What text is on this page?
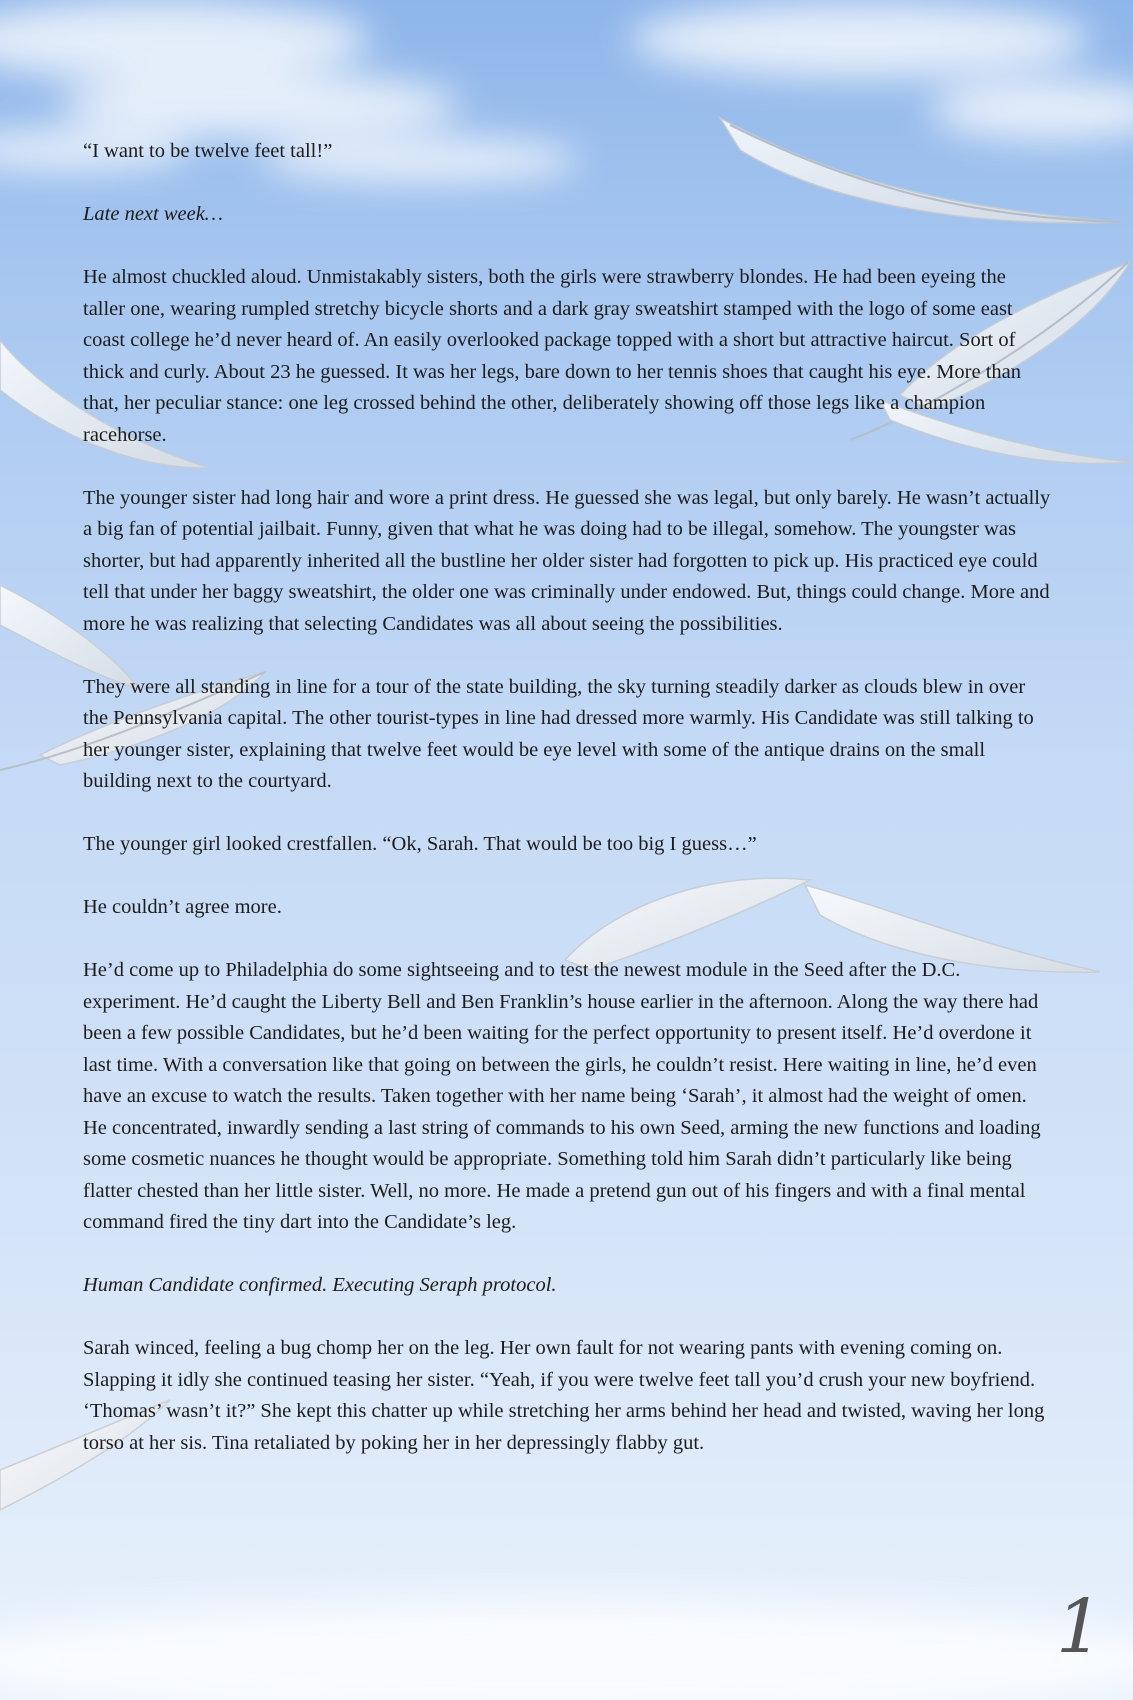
“I want to be twelve feet tall!”

Late next week…

He almost chuckled aloud. Unmistakably sisters, both the girls were strawberry blondes. He had been eyeing the taller one, wearing rumpled stretchy bicycle shorts and a dark gray sweatshirt stamped with the logo of some east coast college he’d never heard of. An easily overlooked package topped with a short but attractive haircut. Sort of thick and curly. About 23 he guessed. It was her legs, bare down to her tennis shoes that caught his eye. More than that, her peculiar stance: one leg crossed behind the other, deliberately showing off those legs like a champion racehorse.

The younger sister had long hair and wore a print dress. He guessed she was legal, but only barely. He wasn’t actually a big fan of potential jailbait. Funny, given that what he was doing had to be illegal, somehow. The youngster was shorter, but had apparently inherited all the bustline her older sister had forgotten to pick up. His practiced eye could tell that under her baggy sweatshirt, the older one was criminally under endowed. But, things could change. More and more he was realizing that selecting Candidates was all about seeing the possibilities.

They were all standing in line for a tour of the state building, the sky turning steadily darker as clouds blew in over the Pennsylvania capital. The other tourist-types in line had dressed more warmly. His Candidate was still talking to her younger sister, explaining that twelve feet would be eye level with some of the antique drains on the small building next to the courtyard.

The younger girl looked crestfallen. “Ok, Sarah. That would be too big I guess…”

He couldn’t agree more.

He’d come up to Philadelphia do some sightseeing and to test the newest module in the Seed after the D.C. experiment. He’d caught the Liberty Bell and Ben Franklin’s house earlier in the afternoon. Along the way there had been a few possible Candidates, but he’d been waiting for the perfect opportunity to present itself. He’d overdone it last time. With a conversation like that going on between the girls, he couldn’t resist. Here waiting in line, he’d even have an excuse to watch the results. Taken together with her name being ‘Sarah’, it almost had the weight of omen. He concentrated, inwardly sending a last string of commands to his own Seed, arming the new functions and loading some cosmetic nuances he thought would be appropriate. Something told him Sarah didn’t particularly like being flatter chested than her little sister. Well, no more. He made a pretend gun out of his fingers and with a final mental command fired the tiny dart into the Candidate’s leg.

Human Candidate confirmed. Executing Seraph protocol.

Sarah winced, feeling a bug chomp her on the leg. Her own fault for not wearing pants with evening coming on. Slapping it idly she continued teasing her sister. “Yeah, if you were twelve feet tall you’d crush your new boyfriend. ‘Thomas’ wasn’t it?” She kept this chatter up while stretching her arms behind her head and twisted, waving her long torso at her sis. Tina retaliated by poking her in her depressingly flabby gut.

1
